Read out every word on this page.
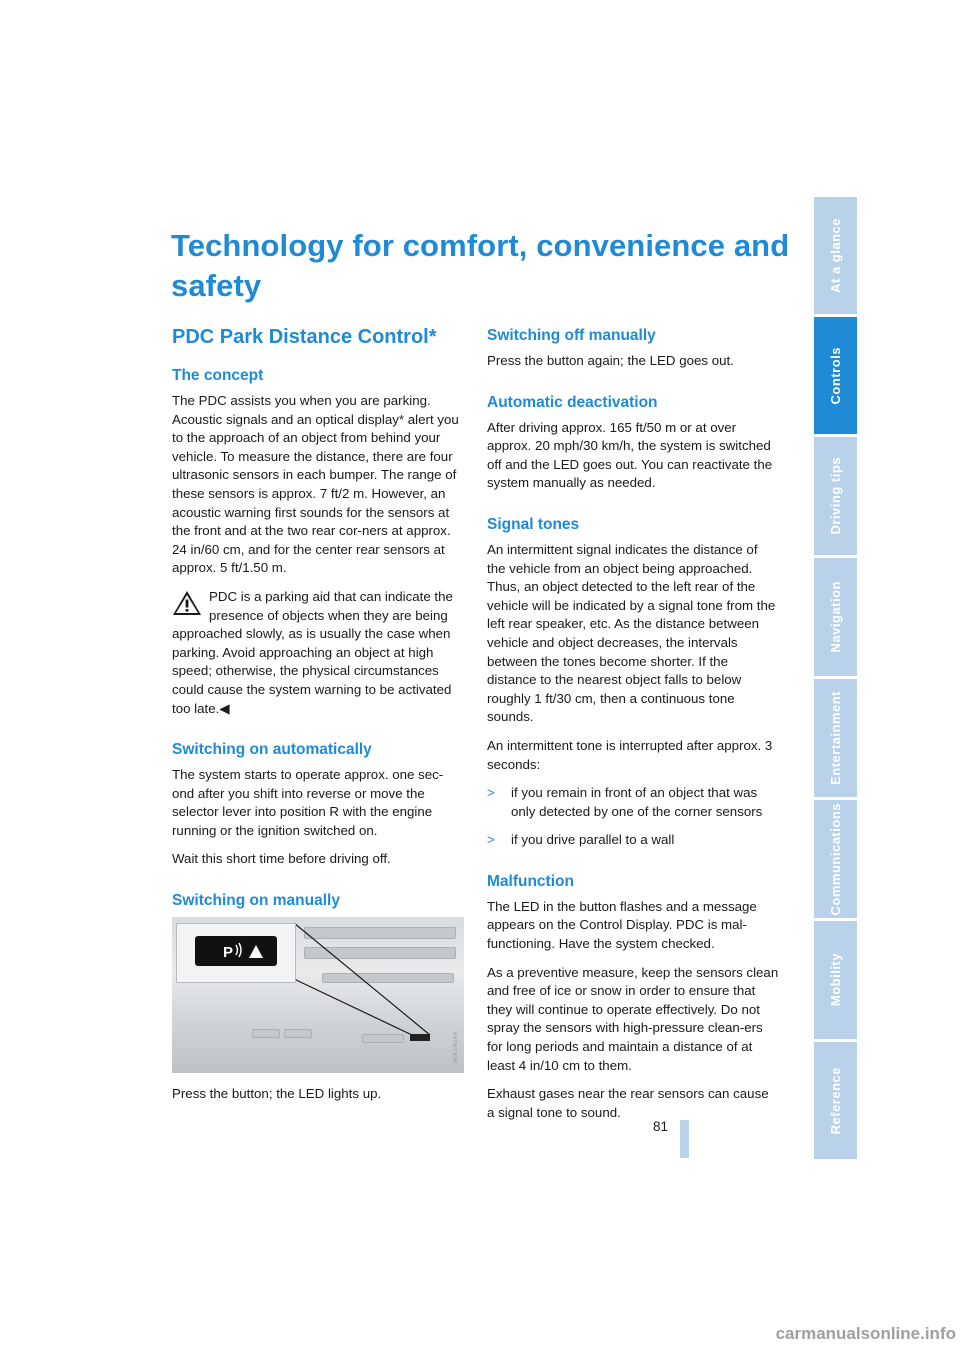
Technology for comfort, convenience and safety
PDC Park Distance Control*
The concept

The PDC assists you when you are parking. Acoustic signals and an optical display* alert you to the approach of an object from behind your vehicle. To measure the distance, there are four ultrasonic sensors in each bumper. The range of these sensors is approx. 7 ft/2 m. However, an acoustic warning first sounds for the sensors at the front and at the two rear cor-ners at approx. 24 in/60 cm, and for the center rear sensors at approx. 5 ft/1.50 m.

PDC is a parking aid that can indicate the presence of objects when they are being

approached slowly, as is usually the case when parking. Avoid approaching an object at high speed; otherwise, the physical circumstances could cause the system warning to be activated too late.◀

Switching on automatically

The system starts to operate approx. one sec-ond after you shift into reverse or move the selector lever into position R with the engine running or the ignition switched on.

Wait this short time before driving off.

Switching on manually
P
W3C042AA

Press the button; the LED lights up.

Switching off manually

Press the button again; the LED goes out.

Automatic deactivation

After driving approx. 165 ft/50 m or at over approx. 20 mph/30 km/h, the system is switched off and the LED goes out. You can reactivate the system manually as needed.

Signal tones

An intermittent signal indicates the distance of the vehicle from an object being approached. Thus, an object detected to the left rear of the vehicle will be indicated by a signal tone from the left rear speaker, etc. As the distance between vehicle and object decreases, the intervals between the tones become shorter. If the distance to the nearest object falls to below roughly 1 ft/30 cm, then a continuous tone sounds.

An intermittent tone is interrupted after approx. 3 seconds:

> if you remain in front of an object that was only detected by one of the corner sensors
> if you drive parallel to a wall
Malfunction

The LED in the button flashes and a message appears on the Control Display. PDC is mal-functioning. Have the system checked.

As a preventive measure, keep the sensors clean and free of ice or snow in order to ensure that they will continue to operate effectively. Do not spray the sensors with high-pressure clean-ers for long periods and maintain a distance of at least 4 in/10 cm to them.

Exhaust gases near the rear sensors can cause a signal tone to sound.

At a glance
Controls
Driving tips
Navigation
Entertainment
Communications
Mobility
Reference
81
carmanualsonline.info
